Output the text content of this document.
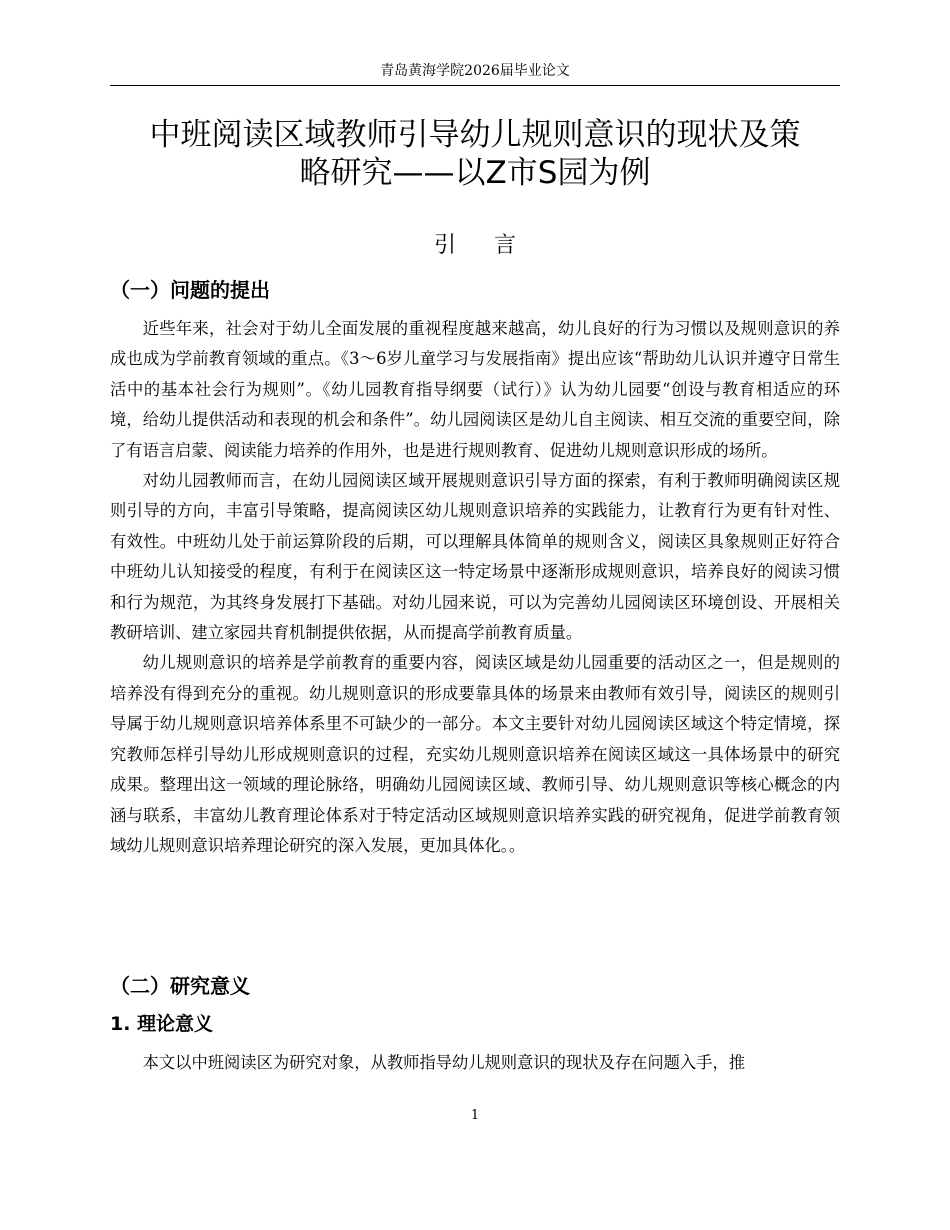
青岛黄海学院2026届毕业论文
中班阅读区域教师引导幼儿规则意识的现状及策
略研究——以Z市S园为例
引言
（一）问题的提出

近些年来，社会对于幼儿全面发展的重视程度越来越高，幼儿良好的行为习惯以及规则意识的养成也成为学前教育领域的重点。《3～6岁儿童学习与发展指南》提出应该“帮助幼儿认识并遵守日常生活中的基本社会行为规则”。《幼儿园教育指导纲要（试行）》认为幼儿园要“创设与教育相适应的环境，给幼儿提供活动和表现的机会和条件”。幼儿园阅读区是幼儿自主阅读、相互交流的重要空间，除了有语言启蒙、阅读能力培养的作用外，也是进行规则教育、促进幼儿规则意识形成的场所。

对幼儿园教师而言，在幼儿园阅读区域开展规则意识引导方面的探索，有利于教师明确阅读区规则引导的方向，丰富引导策略，提高阅读区幼儿规则意识培养的实践能力，让教育行为更有针对性、有效性。中班幼儿处于前运算阶段的后期，可以理解具体简单的规则含义，阅读区具象规则正好符合中班幼儿认知接受的程度，有利于在阅读区这一特定场景中逐渐形成规则意识，培养良好的阅读习惯和行为规范，为其终身发展打下基础。对幼儿园来说，可以为完善幼儿园阅读区环境创设、开展相关教研培训、建立家园共育机制提供依据，从而提高学前教育质量。

幼儿规则意识的培养是学前教育的重要内容，阅读区域是幼儿园重要的活动区之一，但是规则的培养没有得到充分的重视。幼儿规则意识的形成要靠具体的场景来由教师有效引导，阅读区的规则引导属于幼儿规则意识培养体系里不可缺少的一部分。本文主要针对幼儿园阅读区域这个特定情境，探究教师怎样引导幼儿形成规则意识的过程，充实幼儿规则意识培养在阅读区域这一具体场景中的研究成果。整理出这一领域的理论脉络，明确幼儿园阅读区域、教师引导、幼儿规则意识等核心概念的内涵与联系，丰富幼儿教育理论体系对于特定活动区域规则意识培养实践的研究视角，促进学前教育领域幼儿规则意识培养理论研究的深入发展，更加具体化。。

（二）研究意义
1. 理论意义

本文以中班阅读区为研究对象，从教师指导幼儿规则意识的现状及存在问题入手，推

1
